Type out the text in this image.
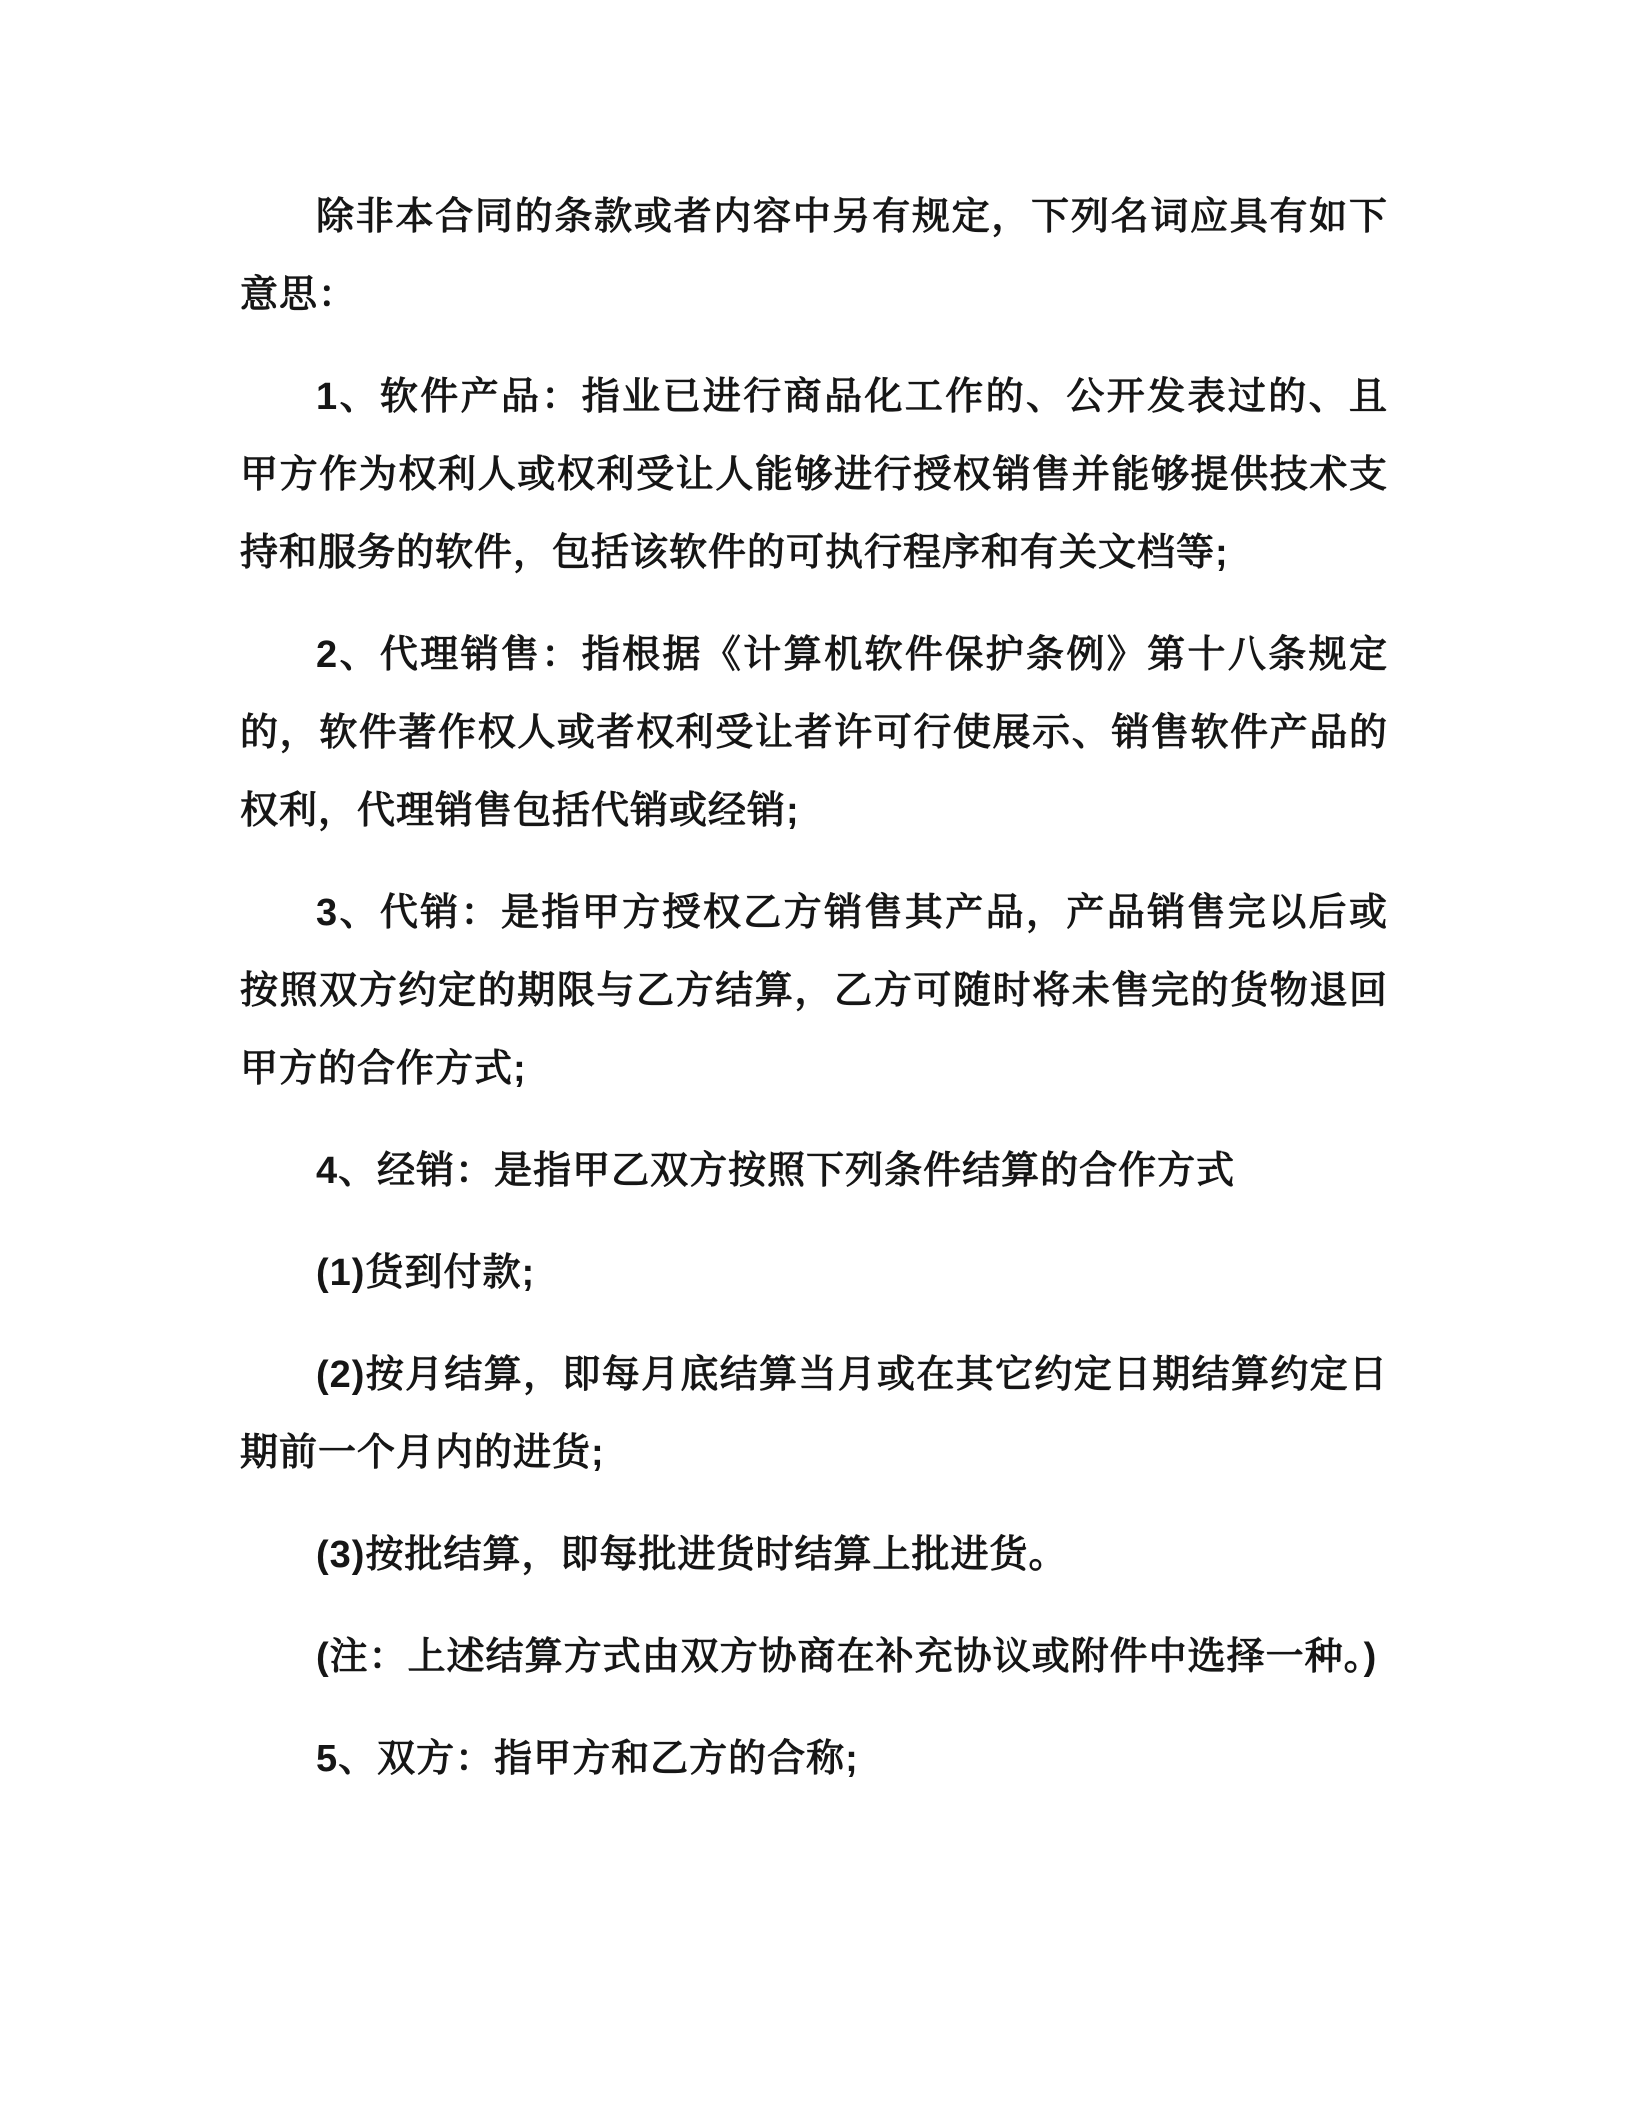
除非本合同的条款或者内容中另有规定，下列名词应具有如下意思：

1、软件产品：指业已进行商品化工作的、公开发表过的、且甲方作为权利人或权利受让人能够进行授权销售并能够提供技术支持和服务的软件，包括该软件的可执行程序和有关文档等;

2、代理销售：指根据《计算机软件保护条例》第十八条规定的，软件著作权人或者权利受让者许可行使展示、销售软件产品的权利，代理销售包括代销或经销;

3、代销：是指甲方授权乙方销售其产品，产品销售完以后或按照双方约定的期限与乙方结算，乙方可随时将未售完的货物退回甲方的合作方式;

4、经销：是指甲乙双方按照下列条件结算的合作方式

(1)货到付款;

(2)按月结算，即每月底结算当月或在其它约定日期结算约定日期前一个月内的进货;

(3)按批结算，即每批进货时结算上批进货。

(注：上述结算方式由双方协商在补充协议或附件中选择一种。)

5、双方：指甲方和乙方的合称;
